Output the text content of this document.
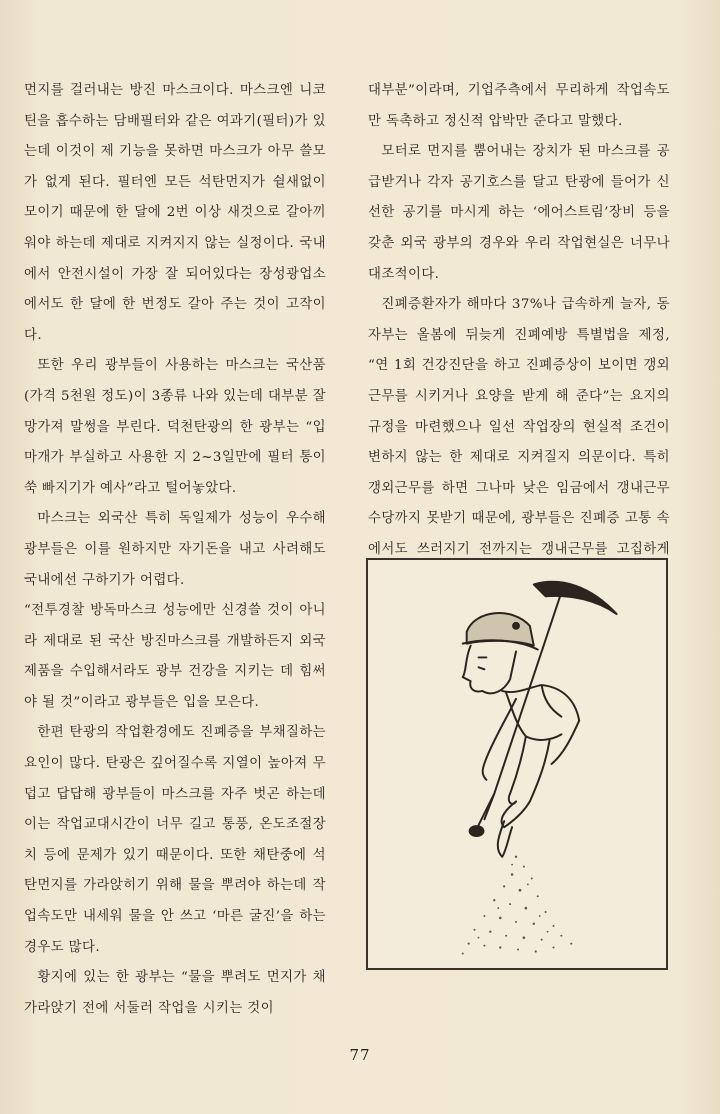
먼지를 걸러내는 방진 마스크이다. 마스크엔 니코틴을 흡수하는 담배필터와 같은 여과기(필터)가 있는데 이것이 제 기능을 못하면 마스크가 아무 쓸모가 없게 된다. 필터엔 모든 석탄먼지가 쉴새없이 모이기 때문에 한 달에 2번 이상 새것으로 갈아끼워야 하는데 제대로 지켜지지 않는 실정이다. 국내에서 안전시설이 가장 잘 되어있다는 장성광업소에서도 한 달에 한 번정도 갈아 주는 것이 고작이다.

또한 우리 광부들이 사용하는 마스크는 국산품(가격 5천원 정도)이 3종류 나와 있는데 대부분 잘 망가져 말썽을 부린다. 덕천탄광의 한 광부는 “입마개가 부실하고 사용한 지 2~3일만에 필터 통이 쑥 빠지기가 예사”라고 털어놓았다.

마스크는 외국산 특히 독일제가 성능이 우수해 광부들은 이를 원하지만 자기돈을 내고 사려해도 국내에선 구하기가 어렵다.

“전투경찰 방독마스크 성능에만 신경쓸 것이 아니라 제대로 된 국산 방진마스크를 개발하든지 외국제품을 수입해서라도 광부 건강을 지키는 데 힘써야 될 것”이라고 광부들은 입을 모은다.

한편 탄광의 작업환경에도 진폐증을 부채질하는 요인이 많다. 탄광은 깊어질수록 지열이 높아져 무덥고 답답해 광부들이 마스크를 자주 벗곤 하는데 이는 작업교대시간이 너무 길고 통풍, 온도조절장치 등에 문제가 있기 때문이다. 또한 채탄중에 석탄먼지를 가라앉히기 위해 물을 뿌려야 하는데 작업속도만 내세워 물을 안 쓰고 ‘마른 굴진’을 하는 경우도 많다.

황지에 있는 한 광부는 “물을 뿌려도 먼지가 채 가라앉기 전에 서둘러 작업을 시키는 것이

대부분”이라며, 기업주측에서 무리하게 작업속도만 독촉하고 정신적 압박만 준다고 말했다.

모터로 먼지를 뿜어내는 장치가 된 마스크를 공급받거나 각자 공기호스를 달고 탄광에 들어가 신선한 공기를 마시게 하는 ‘에어스트림’장비 등을 갖춘 외국 광부의 경우와 우리 작업현실은 너무나 대조적이다.

진폐증환자가 해마다 37%나 급속하게 늘자, 동자부는 올봄에 뒤늦게 진폐예방 특별법을 제정, “연 1회 건강진단을 하고 진폐증상이 보이면 갱외근무를 시키거나 요양을 받게 해 준다”는 요지의 규정을 마련했으나 일선 작업장의 현실적 조건이 변하지 않는 한 제대로 지켜질지 의문이다. 특히 갱외근무를 하면 그나마 낮은 임금에서 갱내근무수당까지 못받기 때문에, 광부들은 진폐증 고통 속에서도 쓰러지기 전까지는 갱내근무를 고집하게

77
